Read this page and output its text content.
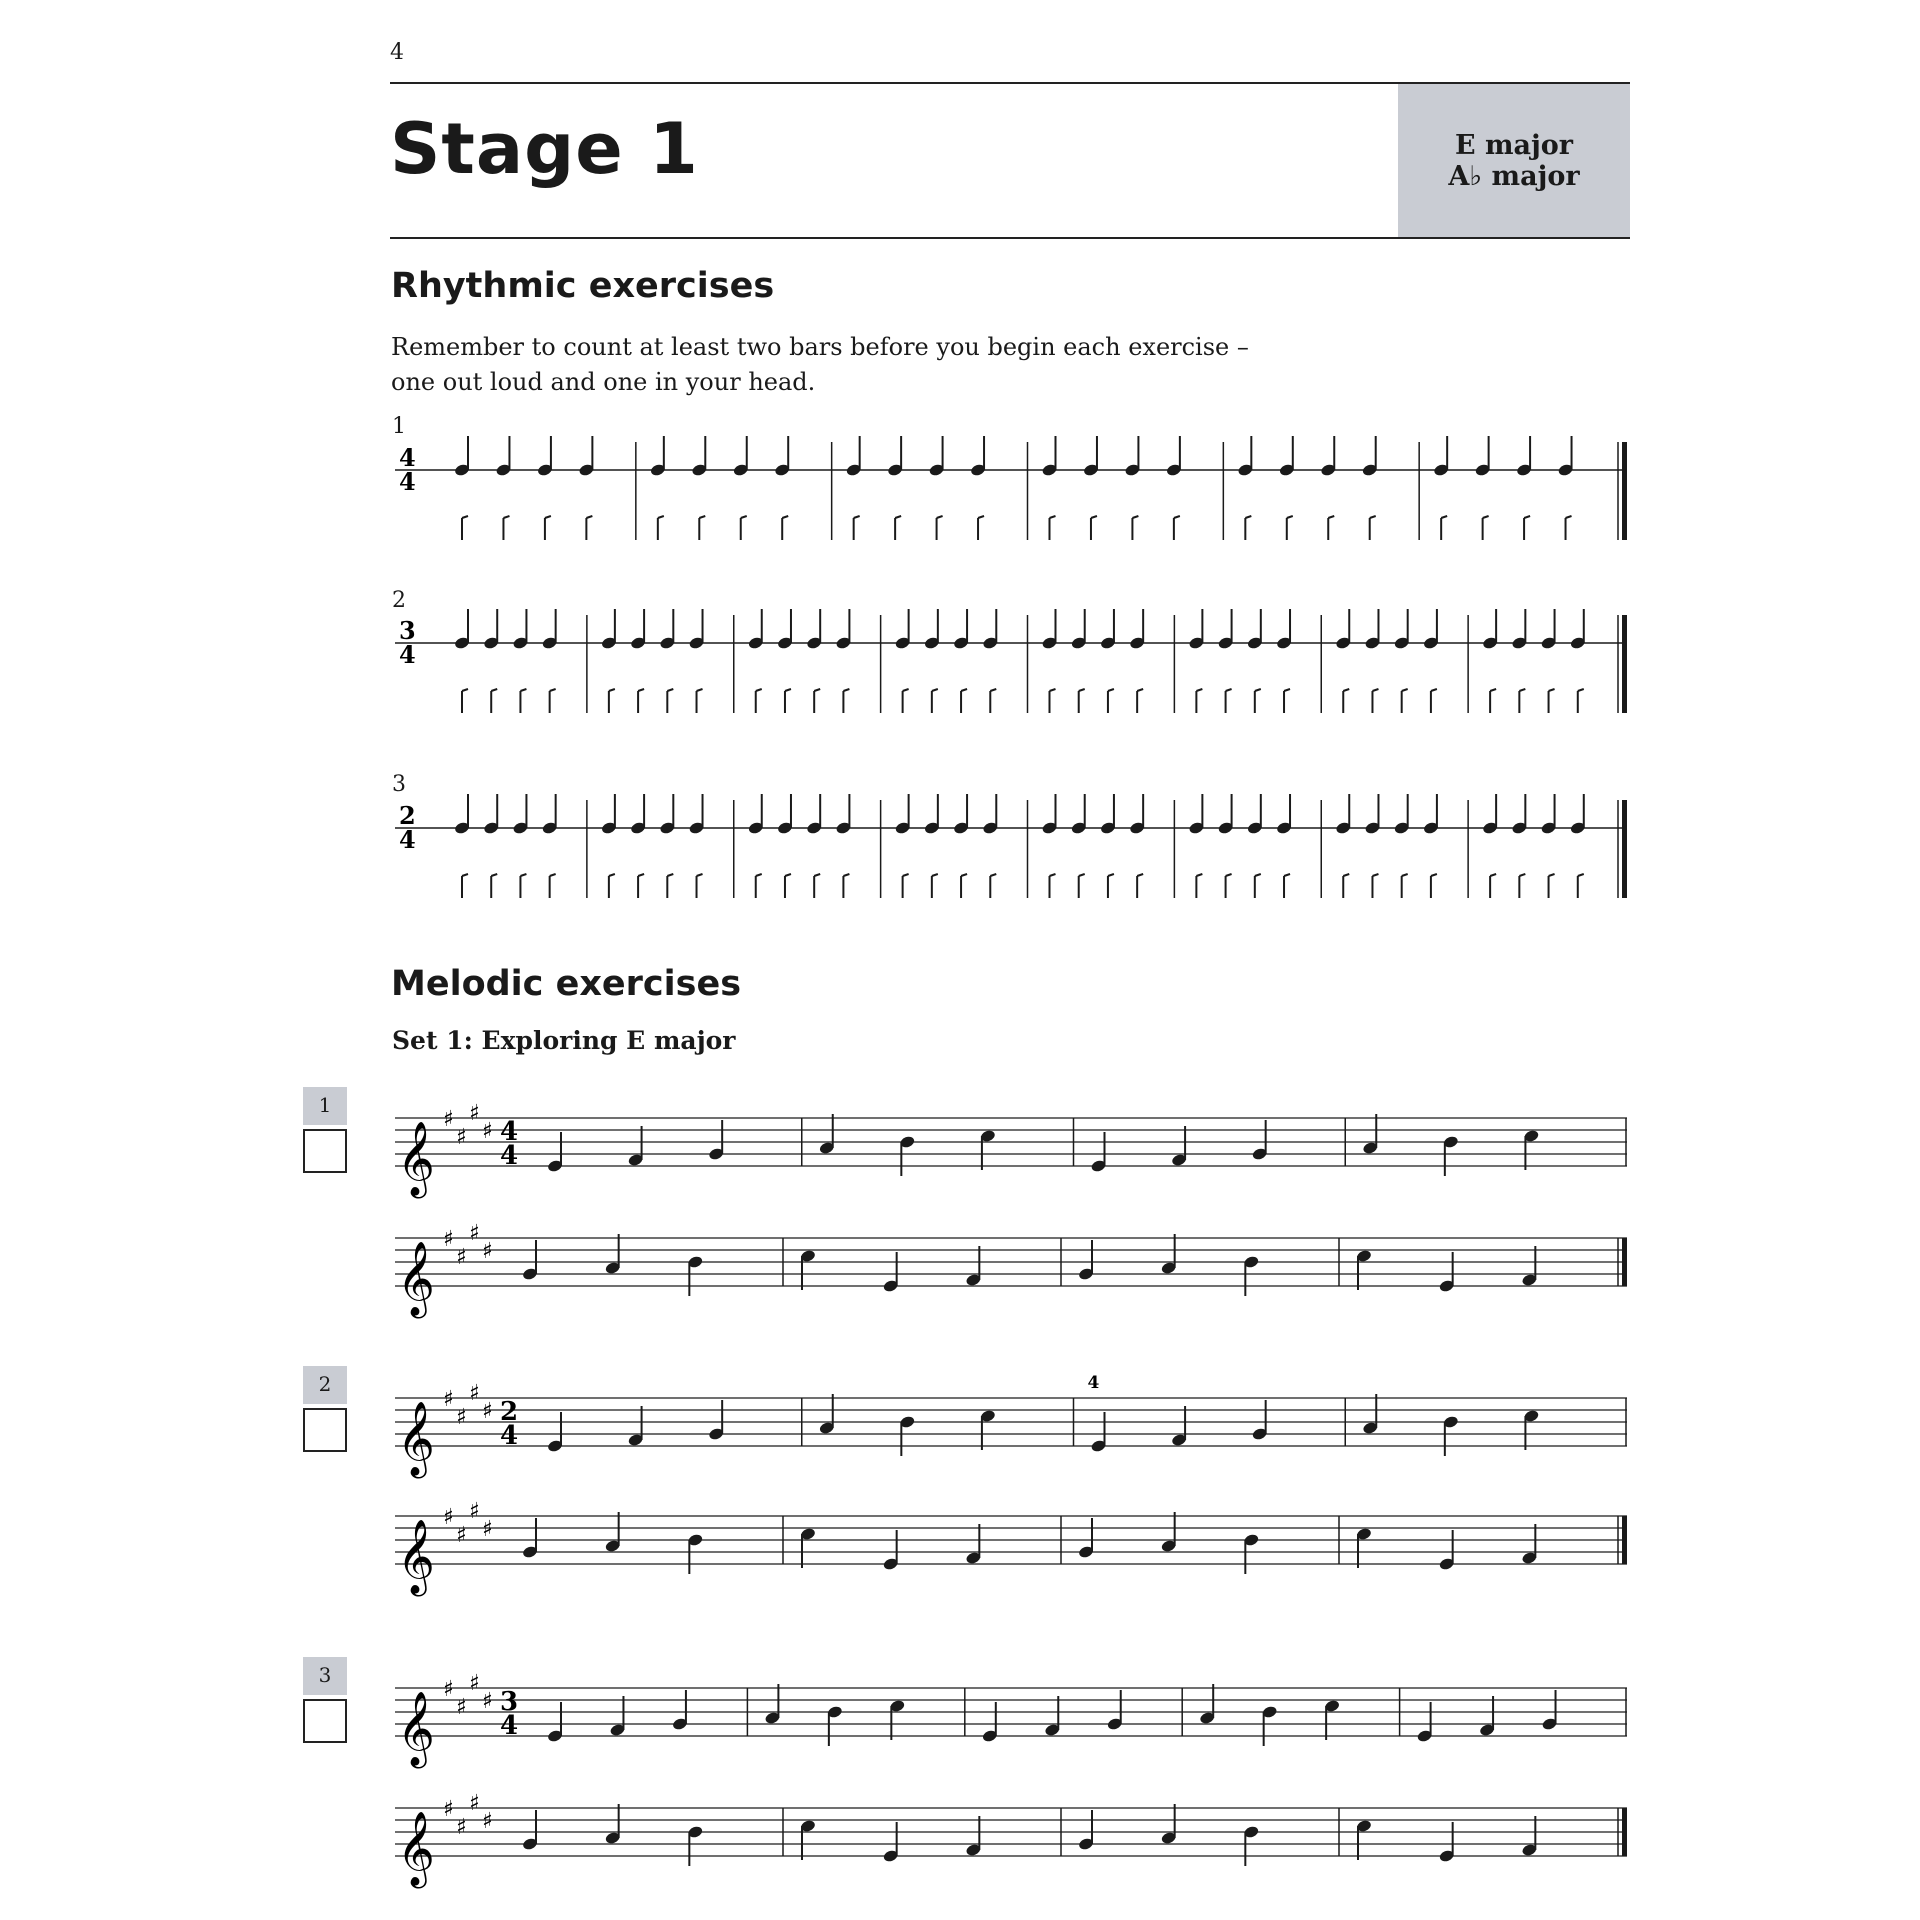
4
Stage 1	E major
A♭ major
Rhythmic exercises
Remember to count at least two bars before you begin each exercise – one out loud and one in your head.
1
4
4
2
3
4
3
2
4
Melodic exercises
Set 1: Exploring E major
1
𝄞
♯
♯
♯
♯ 4
4
𝄞
♯
♯
♯
♯
2
𝄞
♯
♯
♯
♯ 2
4
4
𝄞
♯
♯
♯
♯
3
𝄞
♯
♯
♯
♯ 3
4
𝄞
♯
♯
♯
♯
